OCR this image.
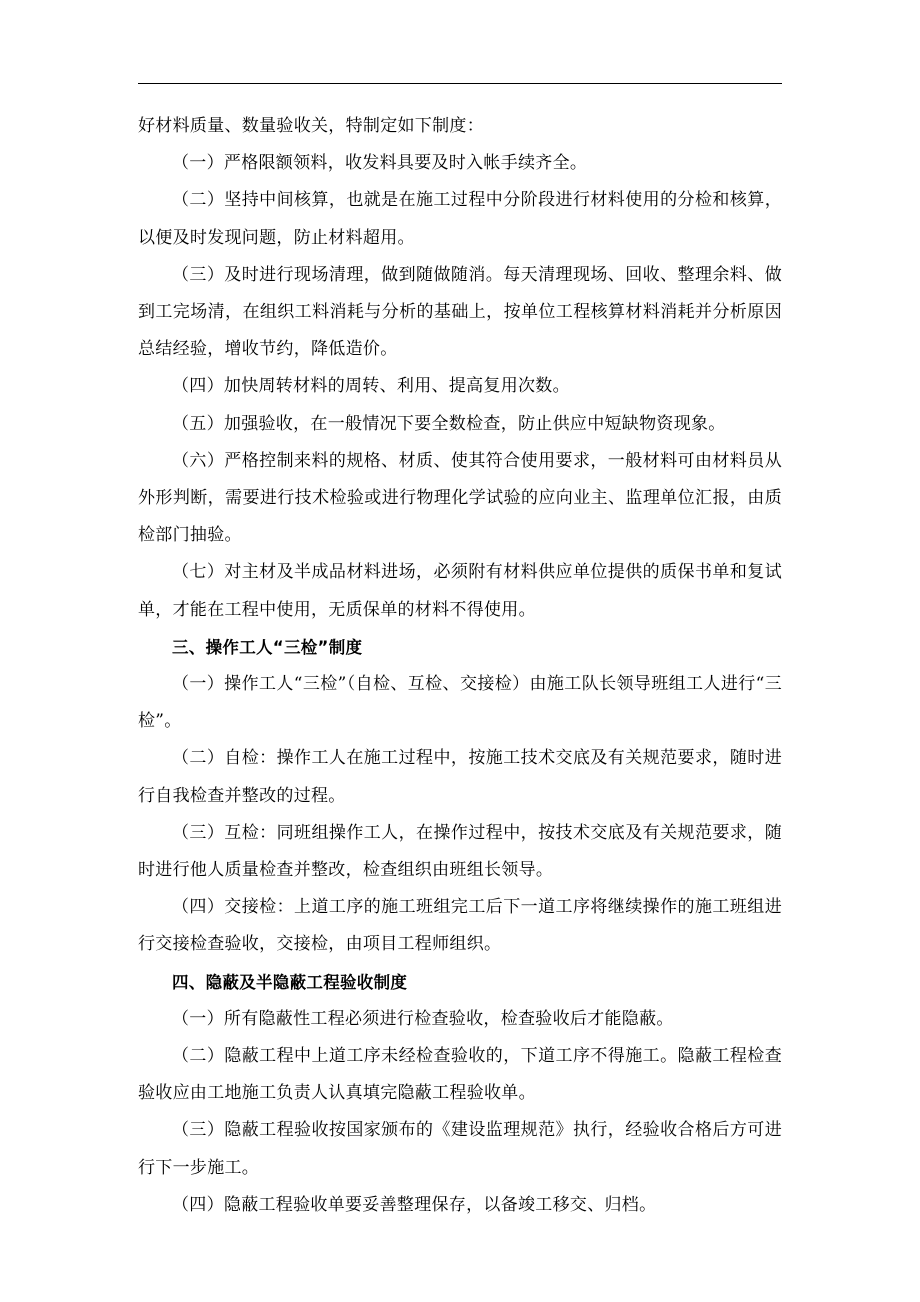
好材料质量、数量验收关，特制定如下制度：

（一）严格限额领料，收发料具要及时入帐手续齐全。

（二）坚持中间核算，也就是在施工过程中分阶段进行材料使用的分检和核算，以便及时发现问题，防止材料超用。

（三）及时进行现场清理，做到随做随消。每天清理现场、回收、整理余料、做到工完场清，在组织工料消耗与分析的基础上，按单位工程核算材料消耗并分析原因总结经验，增收节约，降低造价。

（四）加快周转材料的周转、利用、提高复用次数。

（五）加强验收，在一般情况下要全数检查，防止供应中短缺物资现象。

（六）严格控制来料的规格、材质、使其符合使用要求，一般材料可由材料员从外形判断，需要进行技术检验或进行物理化学试验的应向业主、监理单位汇报，由质检部门抽验。

（七）对主材及半成品材料进场，必须附有材料供应单位提供的质保书单和复试单，才能在工程中使用，无质保单的材料不得使用。

三、操作工人“三检”制度

（一）操作工人“三检”（自检、互检、交接检）由施工队长领导班组工人进行“三检”。

（二）自检：操作工人在施工过程中，按施工技术交底及有关规范要求，随时进行自我检查并整改的过程。

（三）互检：同班组操作工人，在操作过程中，按技术交底及有关规范要求，随时进行他人质量检查并整改，检查组织由班组长领导。

（四）交接检：上道工序的施工班组完工后下一道工序将继续操作的施工班组进行交接检查验收，交接检，由项目工程师组织。

四、隐蔽及半隐蔽工程验收制度

（一）所有隐蔽性工程必须进行检查验收，检查验收后才能隐蔽。

（二）隐蔽工程中上道工序未经检查验收的，下道工序不得施工。隐蔽工程检查验收应由工地施工负责人认真填完隐蔽工程验收单。

（三）隐蔽工程验收按国家颁布的《建设监理规范》执行，经验收合格后方可进行下一步施工。

（四）隐蔽工程验收单要妥善整理保存，以备竣工移交、归档。
